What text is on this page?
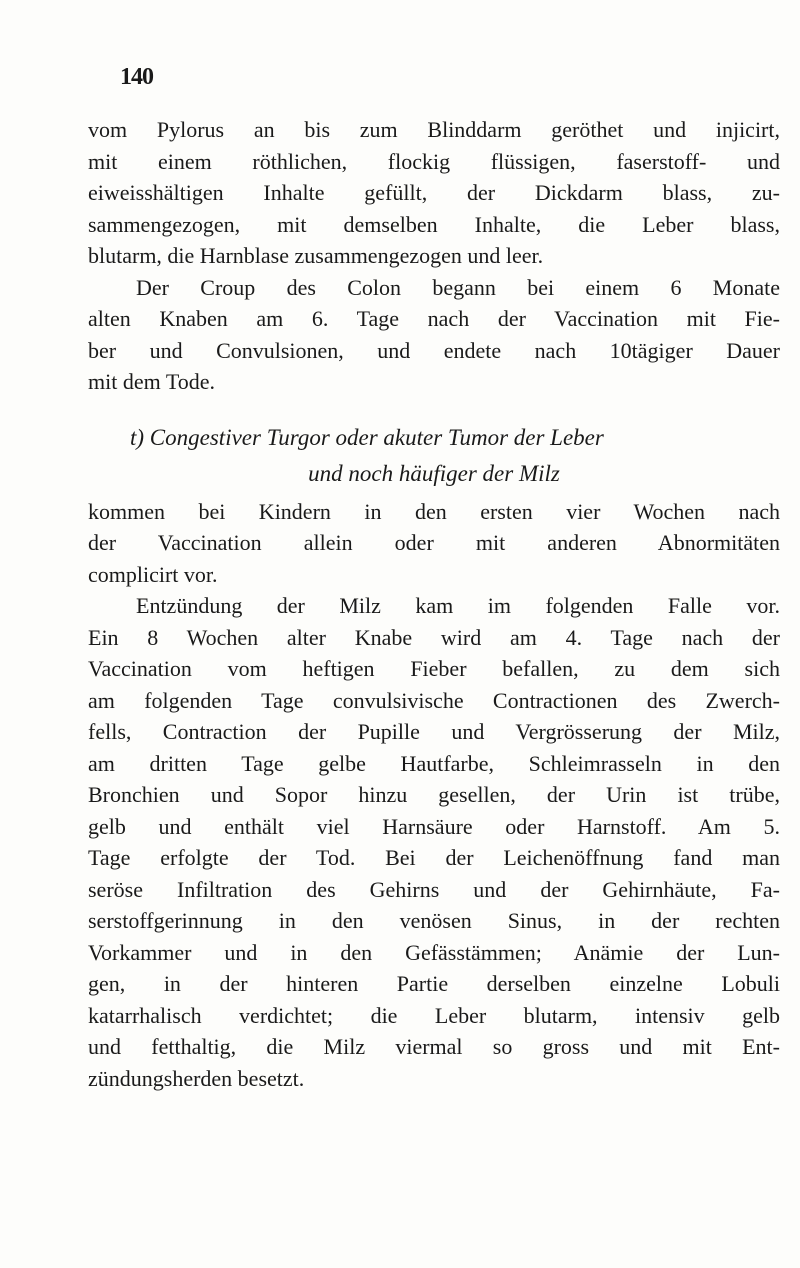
140
vom Pylorus an bis zum Blinddarm geröthet und injicirt,
mit einem röthlichen, flockig flüssigen, faserstoff- und
eiweisshältigen Inhalte gefüllt, der Dickdarm blass, zu-
sammengezogen, mit demselben Inhalte, die Leber blass,
blutarm, die Harnblase zusammengezogen und leer.
Der Croup des Colon begann bei einem 6 Monate
alten Knaben am 6. Tage nach der Vaccination mit Fie-
ber und Convulsionen, und endete nach 10tägiger Dauer
mit dem Tode.
t) Congestiver Turgor oder akuter Tumor der Leber
und noch häufiger der Milz
kommen bei Kindern in den ersten vier Wochen nach
der Vaccination allein oder mit anderen Abnormitäten
complicirt vor.
Entzündung der Milz kam im folgenden Falle vor.
Ein 8 Wochen alter Knabe wird am 4. Tage nach der
Vaccination vom heftigen Fieber befallen, zu dem sich
am folgenden Tage convulsivische Contractionen des Zwerch-
fells, Contraction der Pupille und Vergrösserung der Milz,
am dritten Tage gelbe Hautfarbe, Schleimrasseln in den
Bronchien und Sopor hinzu gesellen, der Urin ist trübe,
gelb und enthält viel Harnsäure oder Harnstoff. Am 5.
Tage erfolgte der Tod. Bei der Leichenöffnung fand man
seröse Infiltration des Gehirns und der Gehirnhäute, Fa-
serstoffgerinnung in den venösen Sinus, in der rechten
Vorkammer und in den Gefässtämmen; Anämie der Lun-
gen, in der hinteren Partie derselben einzelne Lobuli
katarrhalisch verdichtet; die Leber blutarm, intensiv gelb
und fetthaltig, die Milz viermal so gross und mit Ent-
zündungsherden besetzt.
